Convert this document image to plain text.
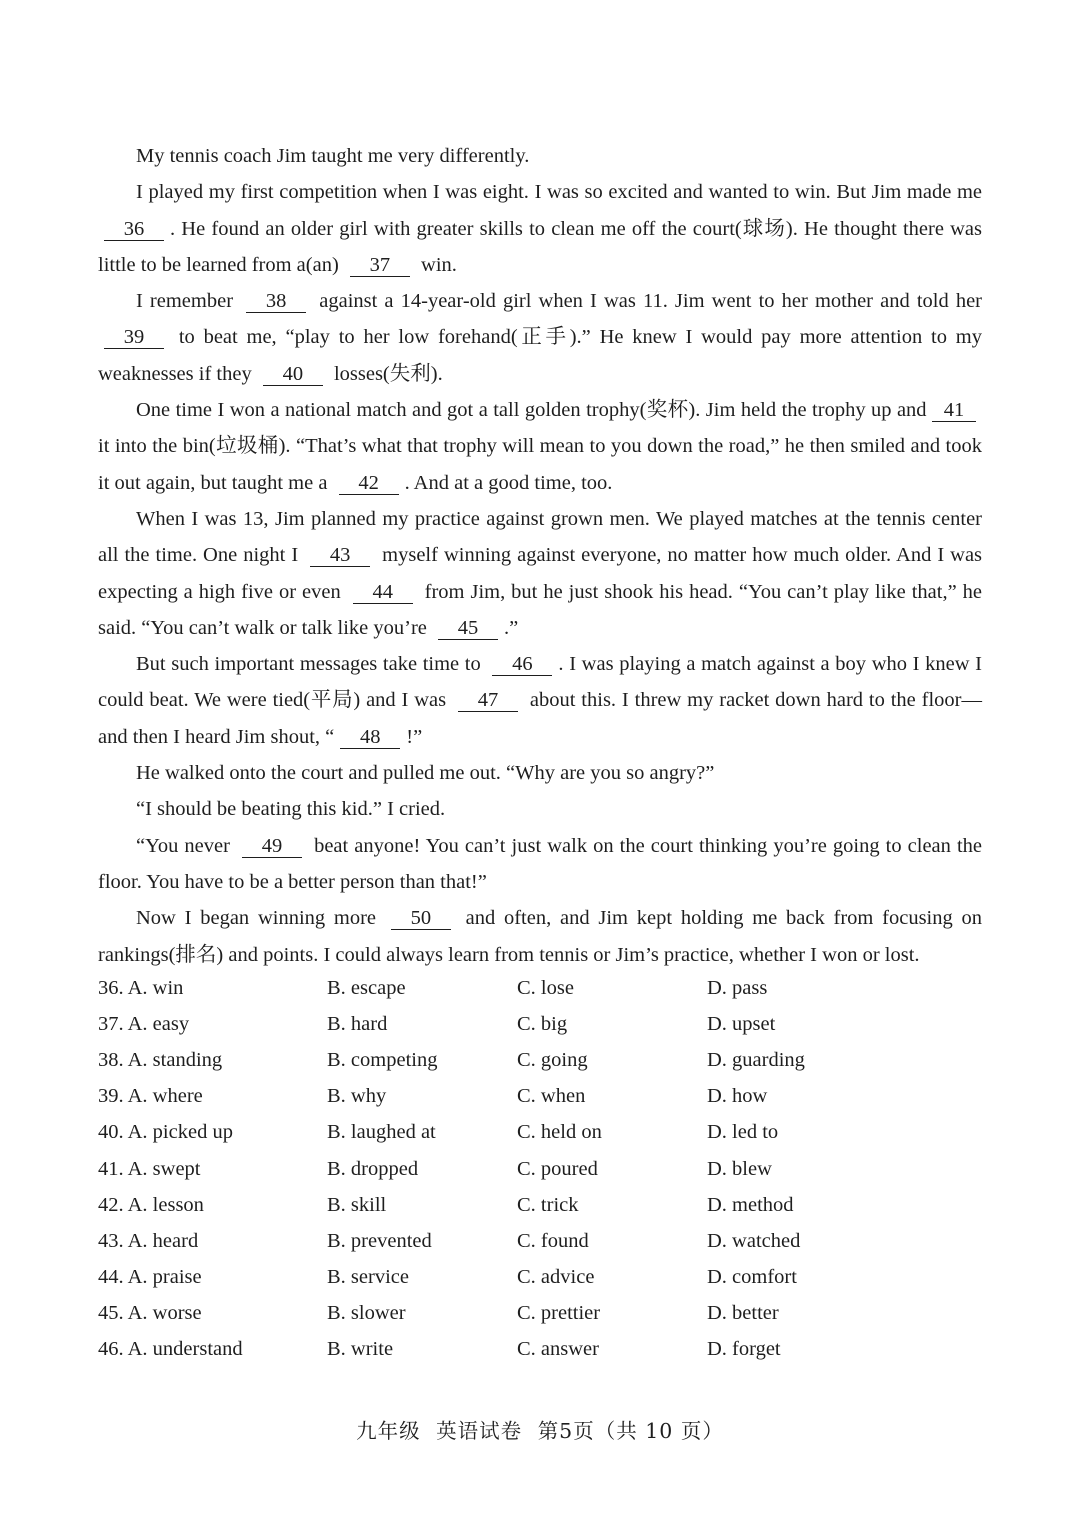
My tennis coach Jim taught me very differently.

I played my first competition when I was eight. I was so excited and wanted to win. But Jim made me 36 . He found an older girl with greater skills to clean me off the court(球场). He thought there was little to be learned from a(an) 37 win.

I remember 38 against a 14-year-old girl when I was 11. Jim went to her mother and told her 39 to beat me, “play to her low forehand(正手).” He knew I would pay more attention to my weaknesses if they 40 losses(失利).

One time I won a national match and got a tall golden trophy(奖杯). Jim held the trophy up and 41 it into the bin(垃圾桶). “That’s what that trophy will mean to you down the road,” he then smiled and took it out again, but taught me a 42 . And at a good time, too.

When I was 13, Jim planned my practice against grown men. We played matches at the tennis center all the time. One night I 43 myself winning against everyone, no matter how much older. And I was expecting a high five or even 44 from Jim, but he just shook his head. “You can’t play like that,” he said. “You can’t walk or talk like you’re 45 .”

But such important messages take time to 46 . I was playing a match against a boy who I knew I could beat. We were tied(平局) and I was 47 about this. I threw my racket down hard to the floor—and then I heard Jim shout, “ 48 !”

He walked onto the court and pulled me out. “Why are you so angry?”

“I should be beating this kid.” I cried.

“You never 49 beat anyone! You can’t just walk on the court thinking you’re going to clean the floor. You have to be a better person than that!”

Now I began winning more 50 and often, and Jim kept holding me back from focusing on rankings(排名) and points. I could always learn from tennis or Jim’s practice, whether I won or lost.

36. A. win	B. escape	C. lose	D. pass
37. A. easy	B. hard	C. big	D. upset
38. A. standing	B. competing	C. going	D. guarding
39. A. where	B. why	C. when	D. how
40. A. picked up	B. laughed at	C. held on	D. led to
41. A. swept	B. dropped	C. poured	D. blew
42. A. lesson	B. skill	C. trick	D. method
43. A. heard	B. prevented	C. found	D. watched
44. A. praise	B. service	C. advice	D. comfort
45. A. worse	B. slower	C. prettier	D. better
46. A. understand	B. write	C. answer	D. forget
九年级 英语试卷 第5页（共 10 页）
